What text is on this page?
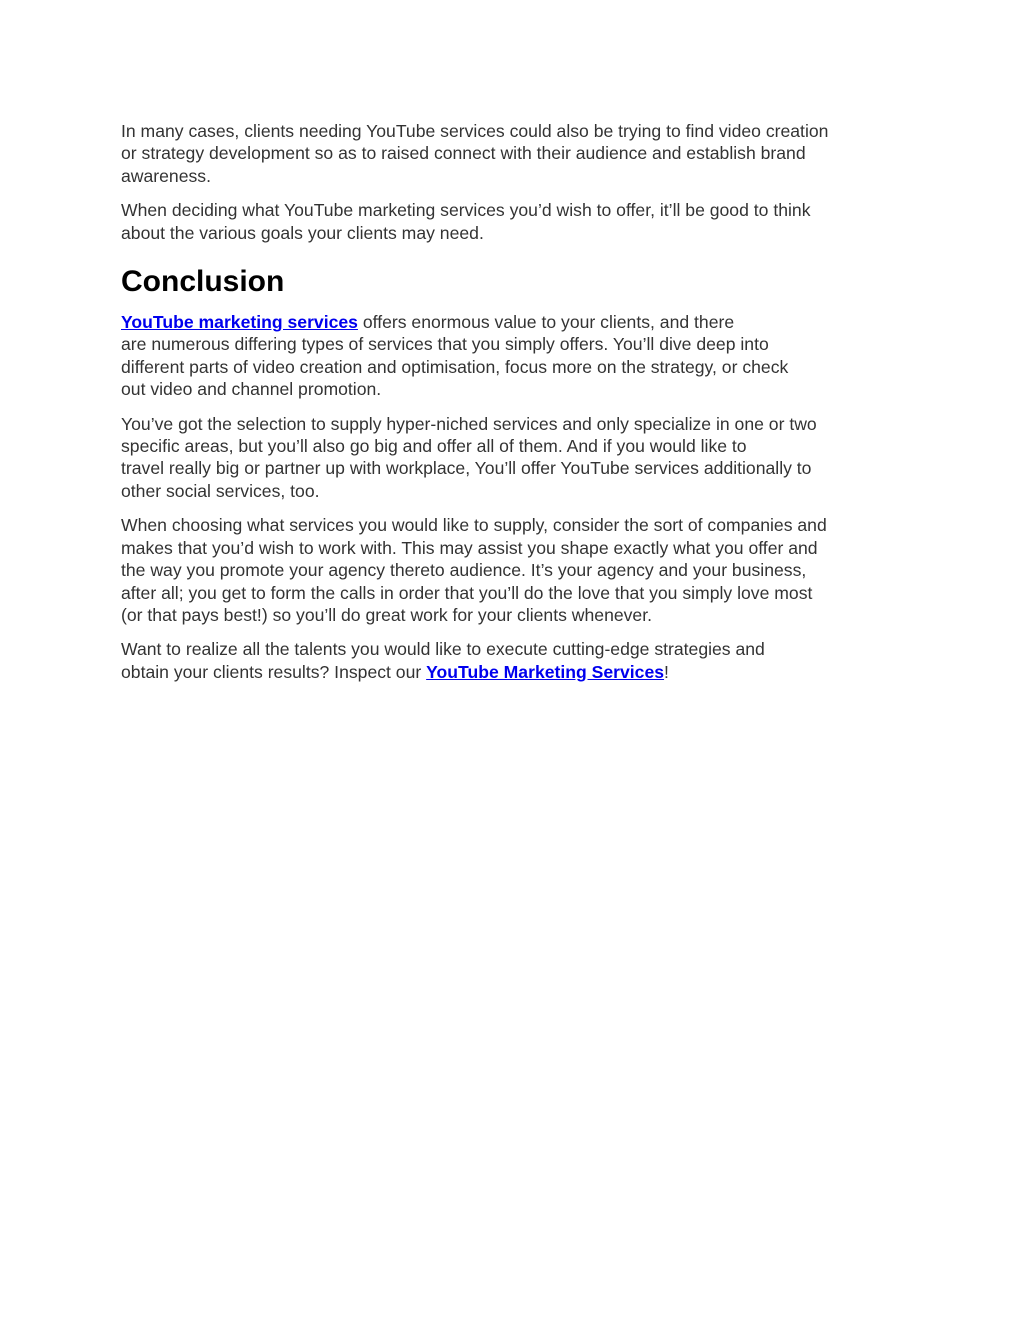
In many cases, clients needing YouTube services could also be trying to find video creation
or strategy development so as to raised connect with their audience and establish brand
awareness.

When deciding what YouTube marketing services you’d wish to offer, it’ll be good to think
about the various goals your clients may need.

Conclusion

YouTube marketing services offers enormous value to your clients, and there
are numerous differing types of services that you simply offers. You’ll dive deep into
different parts of video creation and optimisation, focus more on the strategy, or check
out video and channel promotion.

You’ve got the selection to supply hyper-niched services and only specialize in one or two
specific areas, but you’ll also go big and offer all of them. And if you would like to
travel really big or partner up with workplace, You’ll offer YouTube services additionally to
other social services, too.

When choosing what services you would like to supply, consider the sort of companies and
makes that you’d wish to work with. This may assist you shape exactly what you offer and
the way you promote your agency thereto audience. It’s your agency and your business,
after all; you get to form the calls in order that you’ll do the love that you simply love most
(or that pays best!) so you’ll do great work for your clients whenever.

Want to realize all the talents you would like to execute cutting-edge strategies and
obtain your clients results? Inspect our YouTube Marketing Services!
